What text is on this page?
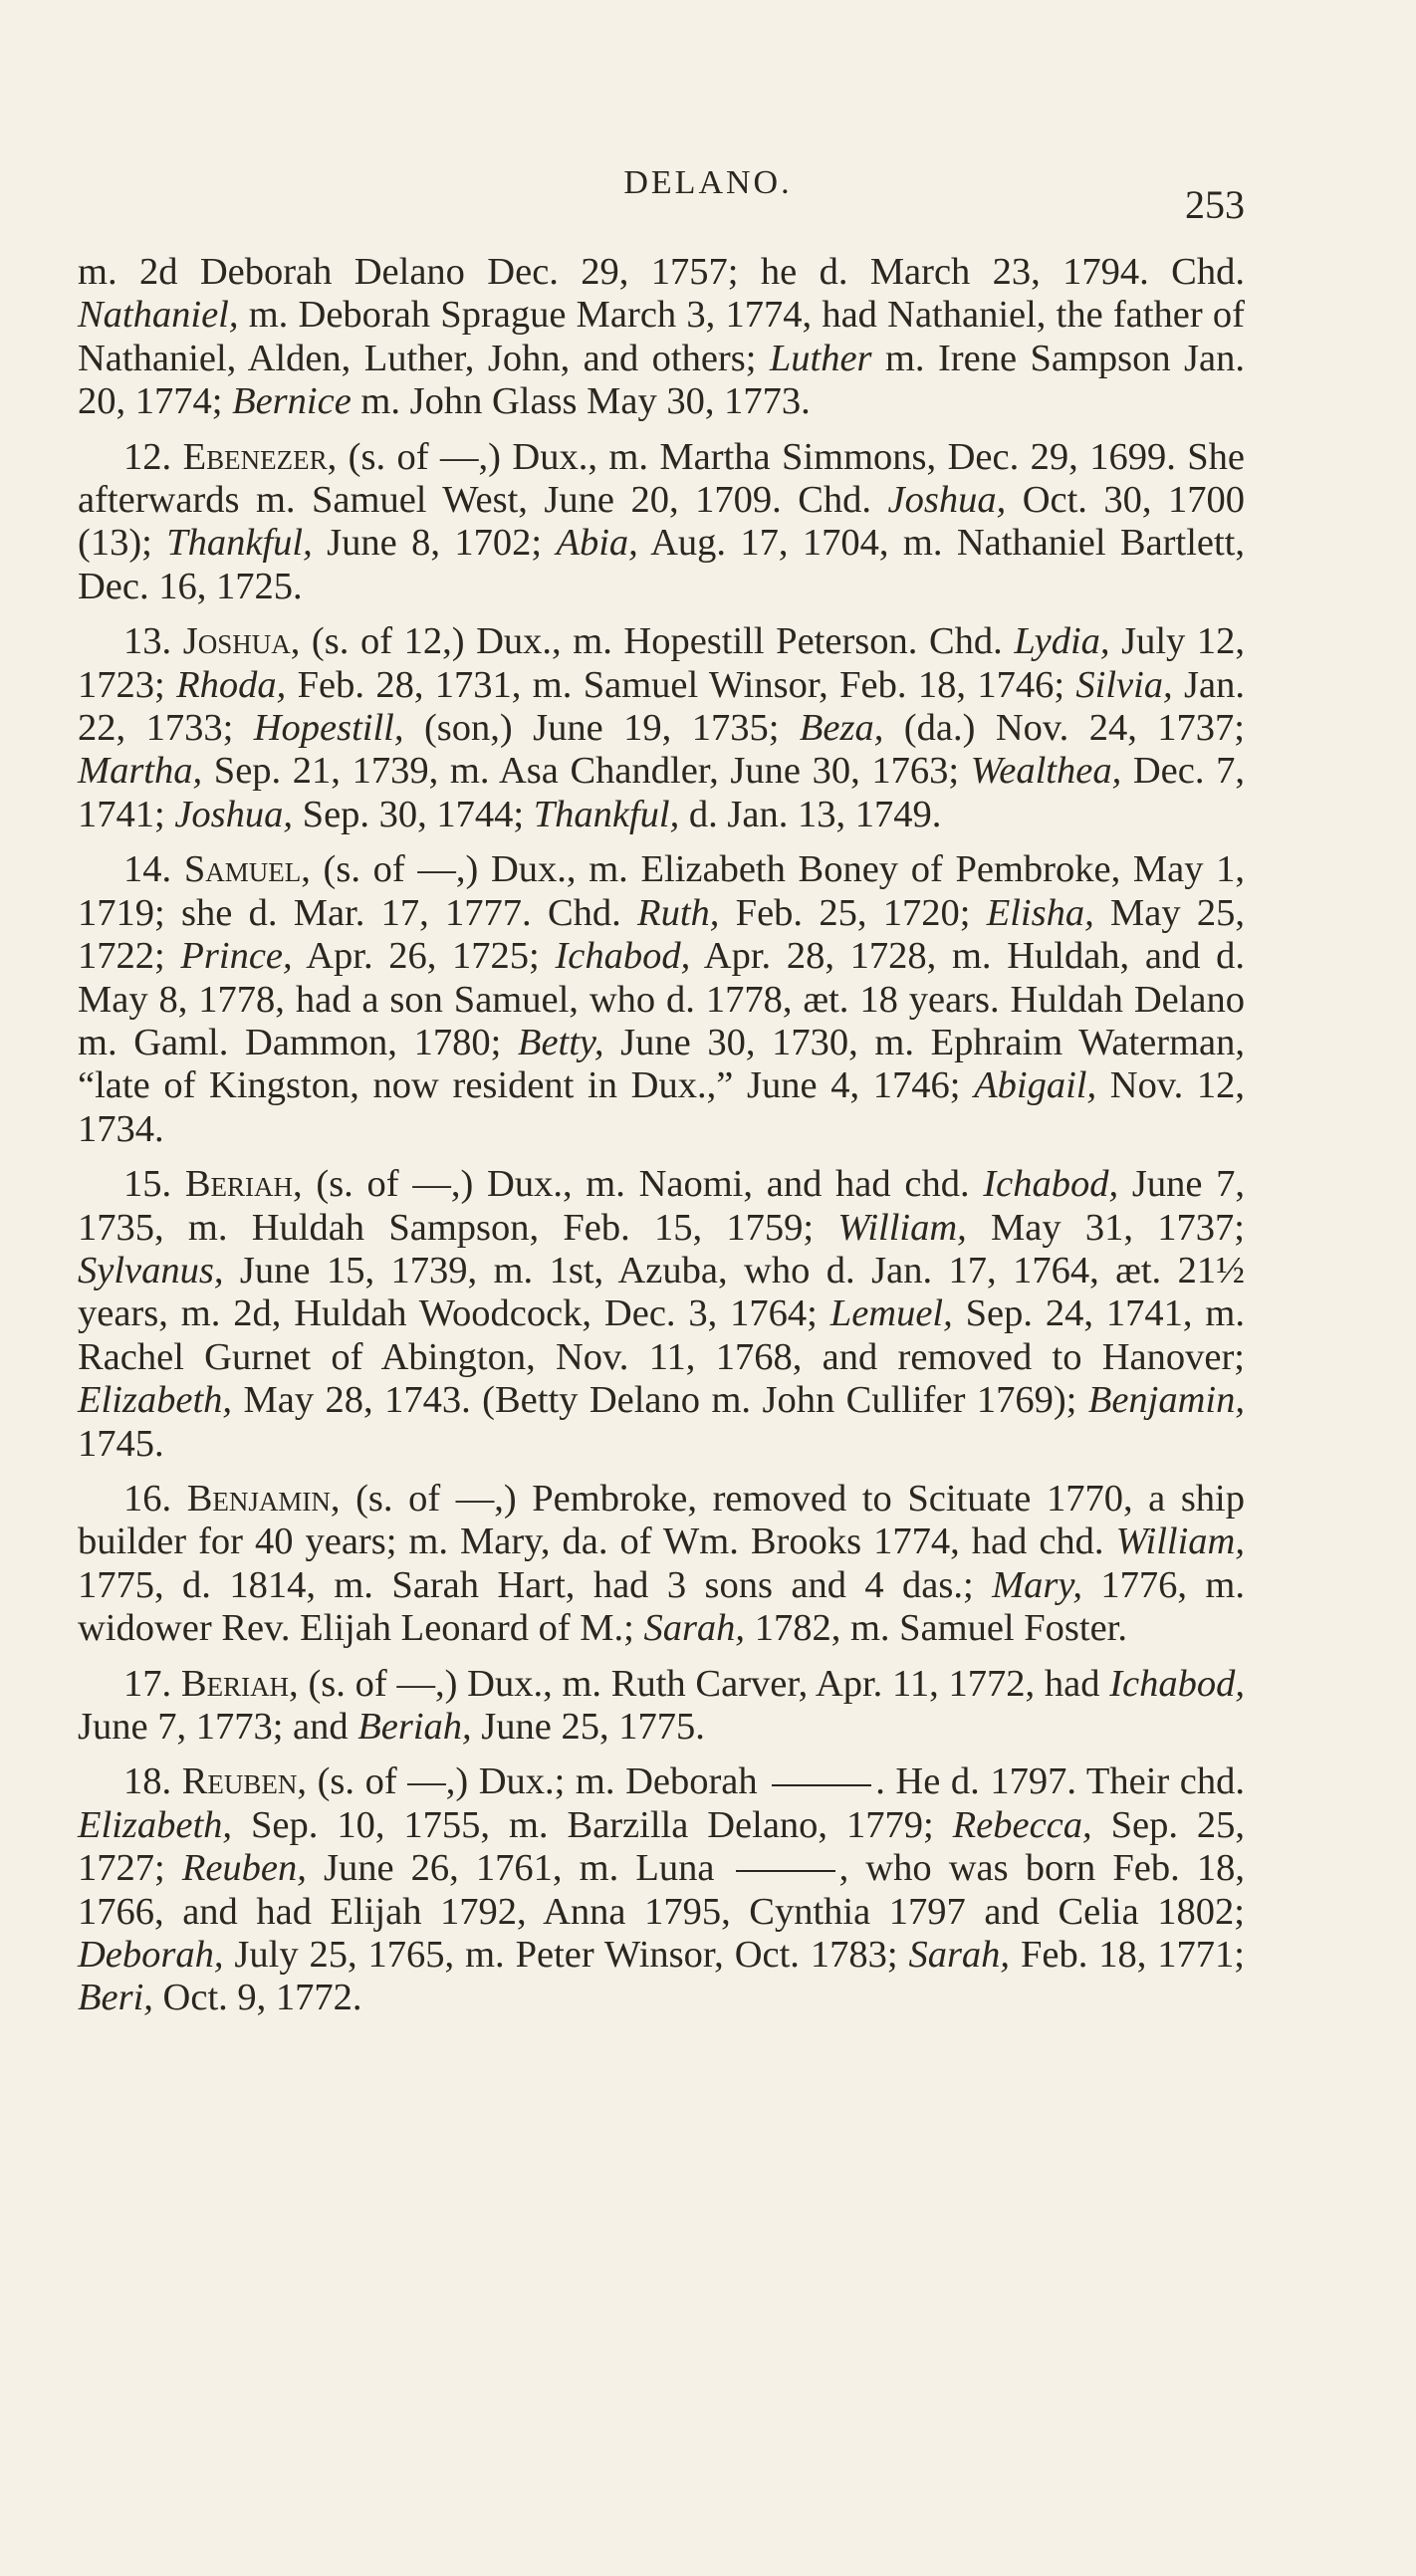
DELANO.	253

m. 2d Deborah Delano Dec. 29, 1757; he d. March 23, 1794. Chd. Nathaniel, m. Deborah Sprague March 3, 1774, had Nathaniel, the father of Nathaniel, Alden, Luther, John, and others; Luther m. Irene Sampson Jan. 20, 1774; Bernice m. John Glass May 30, 1773.

12. Ebenezer, (s. of —,) Dux., m. Martha Simmons, Dec. 29, 1699. She afterwards m. Samuel West, June 20, 1709. Chd. Joshua, Oct. 30, 1700 (13); Thankful, June 8, 1702; Abia, Aug. 17, 1704, m. Nathaniel Bartlett, Dec. 16, 1725.

13. Joshua, (s. of 12,) Dux., m. Hopestill Peterson. Chd. Lydia, July 12, 1723; Rhoda, Feb. 28, 1731, m. Samuel Winsor, Feb. 18, 1746; Silvia, Jan. 22, 1733; Hopestill, (son,) June 19, 1735; Beza, (da.) Nov. 24, 1737; Martha, Sep. 21, 1739, m. Asa Chandler, June 30, 1763; Wealthea, Dec. 7, 1741; Joshua, Sep. 30, 1744; Thankful, d. Jan. 13, 1749.

14. Samuel, (s. of —,) Dux., m. Elizabeth Boney of Pembroke, May 1, 1719; she d. Mar. 17, 1777. Chd. Ruth, Feb. 25, 1720; Elisha, May 25, 1722; Prince, Apr. 26, 1725; Ichabod, Apr. 28, 1728, m. Huldah, and d. May 8, 1778, had a son Samuel, who d. 1778, æt. 18 years. Huldah Delano m. Gaml. Dammon, 1780; Betty, June 30, 1730, m. Ephraim Waterman, “late of Kingston, now resident in Dux.,” June 4, 1746; Abigail, Nov. 12, 1734.

15. Beriah, (s. of —,) Dux., m. Naomi, and had chd. Ichabod, June 7, 1735, m. Huldah Sampson, Feb. 15, 1759; William, May 31, 1737; Sylvanus, June 15, 1739, m. 1st, Azuba, who d. Jan. 17, 1764, æt. 21½ years, m. 2d, Huldah Woodcock, Dec. 3, 1764; Lemuel, Sep. 24, 1741, m. Rachel Gurnet of Abington, Nov. 11, 1768, and removed to Hanover; Elizabeth, May 28, 1743. (Betty Delano m. John Cullifer 1769); Benjamin, 1745.

16. Benjamin, (s. of —,) Pembroke, removed to Scituate 1770, a ship builder for 40 years; m. Mary, da. of Wm. Brooks 1774, had chd. William, 1775, d. 1814, m. Sarah Hart, had 3 sons and 4 das.; Mary, 1776, m. widower Rev. Elijah Leonard of M.; Sarah, 1782, m. Samuel Foster.

17. Beriah, (s. of —,) Dux., m. Ruth Carver, Apr. 11, 1772, had Ichabod, June 7, 1773; and Beriah, June 25, 1775.

18. Reuben, (s. of —,) Dux.; m. Deborah	. He d. 1797. Their chd. Elizabeth, Sep. 10, 1755, m. Barzilla Delano, 1779; Rebecca, Sep. 25, 1727; Reuben, June 26, 1761, m. Luna	, who was born Feb. 18, 1766, and had Elijah 1792, Anna 1795, Cynthia 1797 and Celia 1802; Deborah, July 25, 1765, m. Peter Winsor, Oct. 1783; Sarah, Feb. 18, 1771; Beri, Oct. 9, 1772.
